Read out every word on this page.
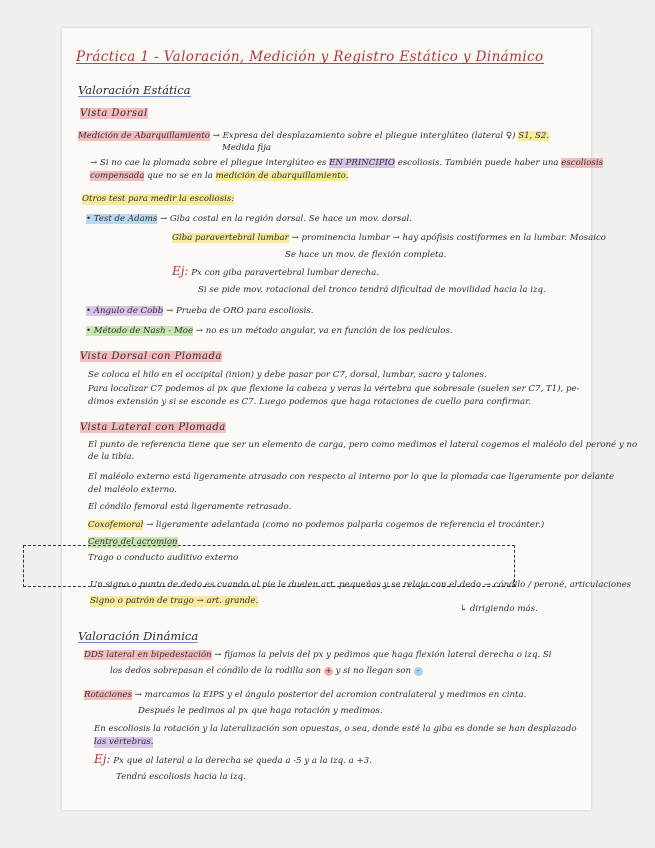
Práctica 1 - Valoración, Medición y Registro Estático y Dinámico
Valoración Estática
Vista Dorsal
Medición de Abarquillamiento → Expresa del desplazamiento sobre el pliegue interglúteo (lateral ♀) S1, S2.
Medida fija
→ Si no cae la plomada sobre el pliegue interglúteo es EN PRINCIPIO escoliosis. También puede haber una escoliosis
compensada que no se en la medición de abarquillamiento.
Otros test para medir la escoliosis:
• Test de Adams → Giba costal en la región dorsal. Se hace un mov. dorsal.
Giba paravertebral lumbar → prominencia lumbar → hay apófisis costiformes en la lumbar. Mosaico
Se hace un mov. de flexión completa.
Ej: Px con giba paravertebral lumbar derecha.
Si se pide mov. rotacional del tronco tendrá dificultad de movilidad hacia la izq.
• Ángulo de Cobb → Prueba de ORO para escoliosis.
• Método de Nash - Moe → no es un método angular, va en función de los pedículos.
Vista Dorsal con Plomada
Se coloca el hilo en el occipital (inion) y debe pasar por C7, dorsal, lumbar, sacro y talones.
Para localizar C7 podemos al px que flexione la cabeza y veras la vértebra que sobresale (suelen ser C7, T1), pe-
dimos extensión y si se esconde es C7. Luego podemos que haga rotaciones de cuello para confirmar.
Vista Lateral con Plomada
El punto de referencia tiene que ser un elemento de carga, pero como medimos el lateral cogemos el maléolo del peroné y no
de la tibia.
El maléolo externo está ligeramente atrasado con respecto al interno por lo que la plomada cae ligeramente por delante
del maléolo externo.
El cóndilo femoral está ligeramente retrasado.
Coxofemoral → ligeramente adelantada (como no podemos palparla cogemos de referencia el trocánter.)
Centro del acromion
Trago o conducto auditivo externo
Un signo o punto de dedo es cuando al pie le duelen art. pequeñas y se relaja con el dedo → cóndilo / peroné, articulaciones
Signo o patrón de trago → art. grande.
↳ dirigiendo más.
Valoración Dinámica
DDS lateral en bipedestación → fijamos la pelvis del px y pedimos que haga flexión lateral derecha o izq. Si
los dedos sobrepasan el cóndilo de la rodilla son + y si no llegan son -
Rotaciones → marcamos la EIPS y el ángulo posterior del acromion contralateral y medimos en cinta.
Después le pedimos al px que haga rotación y medimos.
En escoliosis la rotación y la lateralización son opuestas, o sea, donde esté la giba es donde se han desplazado
las vértebras.
Ej: Px que al lateral a la derecha se queda a -5 y a la izq. a +3.
Tendrá escoliosis hacia la izq.
